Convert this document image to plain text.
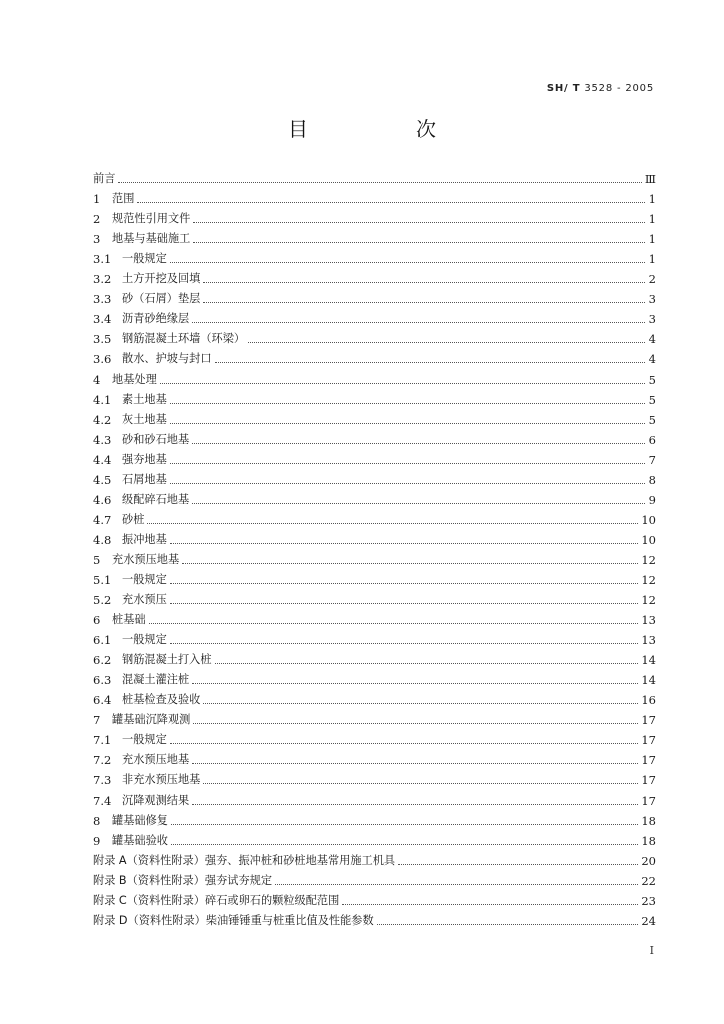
SH/ T 3528 - 2005
目次
前言	Ⅲ
1	范围	1
2	规范性引用文件	1
3	地基与基础施工	1
3.1 一般规定	1
3.2 土方开挖及回填	2
3.3 砂（石屑）垫层	3
3.4 沥青砂绝缘层	3
3.5 钢筋混凝土环墙（环梁）	4
3.6 散水、护坡与封口	4
4	地基处理	5
4.1 素土地基	5
4.2 灰土地基	5
4.3 砂和砂石地基	6
4.4 强夯地基	7
4.5 石屑地基	8
4.6 级配碎石地基	9
4.7 砂桩	10
4.8 振冲地基	10
5	充水预压地基	12
5.1 一般规定	12
5.2 充水预压	12
6	桩基础	13
6.1 一般规定	13
6.2 钢筋混凝土打入桩	14
6.3 混凝土灌注桩	14
6.4 桩基检查及验收	16
7	罐基础沉降观测	17
7.1 一般规定	17
7.2 充水预压地基	17
7.3 非充水预压地基	17
7.4 沉降观测结果	17
8	罐基础修复	18
9	罐基础验收	18
附录 A（资料性附录）强夯、振冲桩和砂桩地基常用施工机具	20
附录 B（资料性附录）强夯试夯规定	22
附录 C（资料性附录）碎石或卵石的颗粒级配范围	23
附录 D（资料性附录）柴油锤锤重与桩重比值及性能参数	24
I
